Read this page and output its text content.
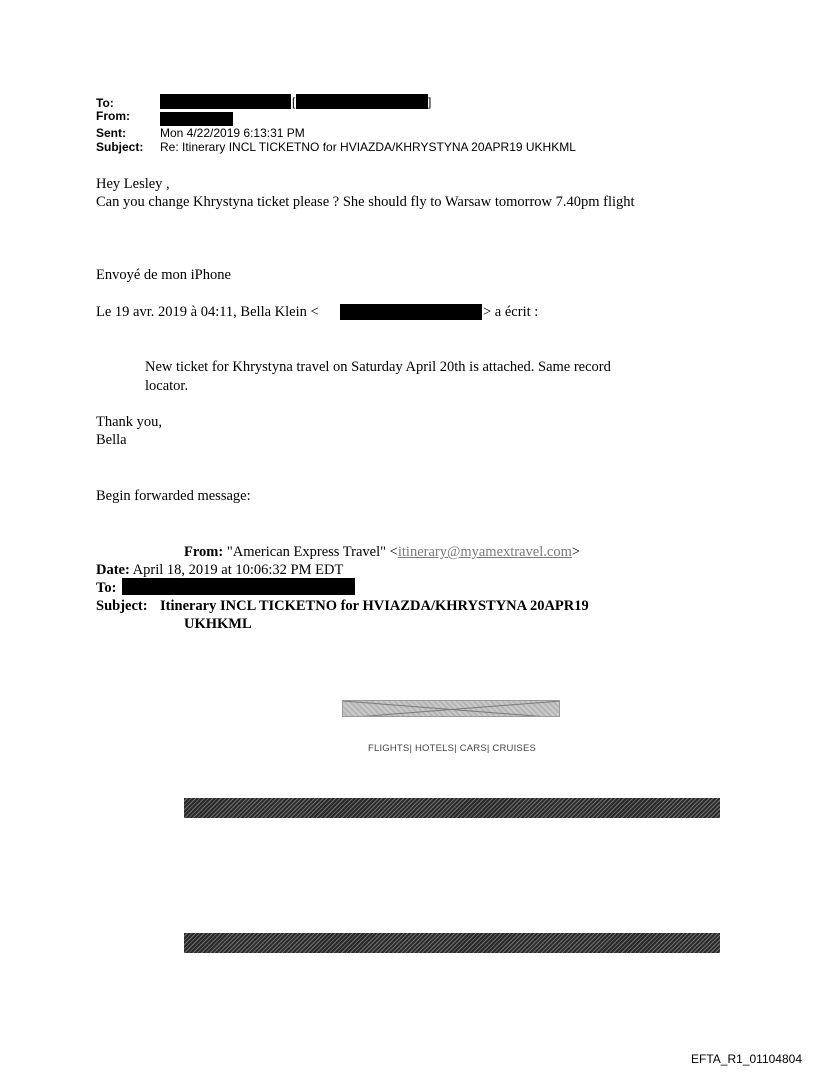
To:	[	]
From:
Sent:	Mon 4/22/2019 6:13:31 PM
Subject: Re: Itinerary INCL TICKETNO for HVIAZDA/KHRYSTYNA 20APR19 UKHKML
Hey Lesley ,
Can you change Khrystyna ticket please ? She should fly to Warsaw tomorrow 7.40pm flight
Envoyé de mon iPhone
Le 19 avr. 2019 à 04:11, Bella Klein <	> a écrit :
New ticket for Khrystyna travel on Saturday April 20th is attached. Same record
locator.
Thank you,
Bella
Begin forwarded message:
From: "American Express Travel" <itinerary@myamextravel.com>
Date: April 18, 2019 at 10:06:32 PM EDT
To:
Subject: Itinerary INCL TICKETNO for HVIAZDA/KHRYSTYNA 20APR19
UKHKML
FLIGHTS| HOTELS| CARS| CRUISES
EFTA_R1_01104804
